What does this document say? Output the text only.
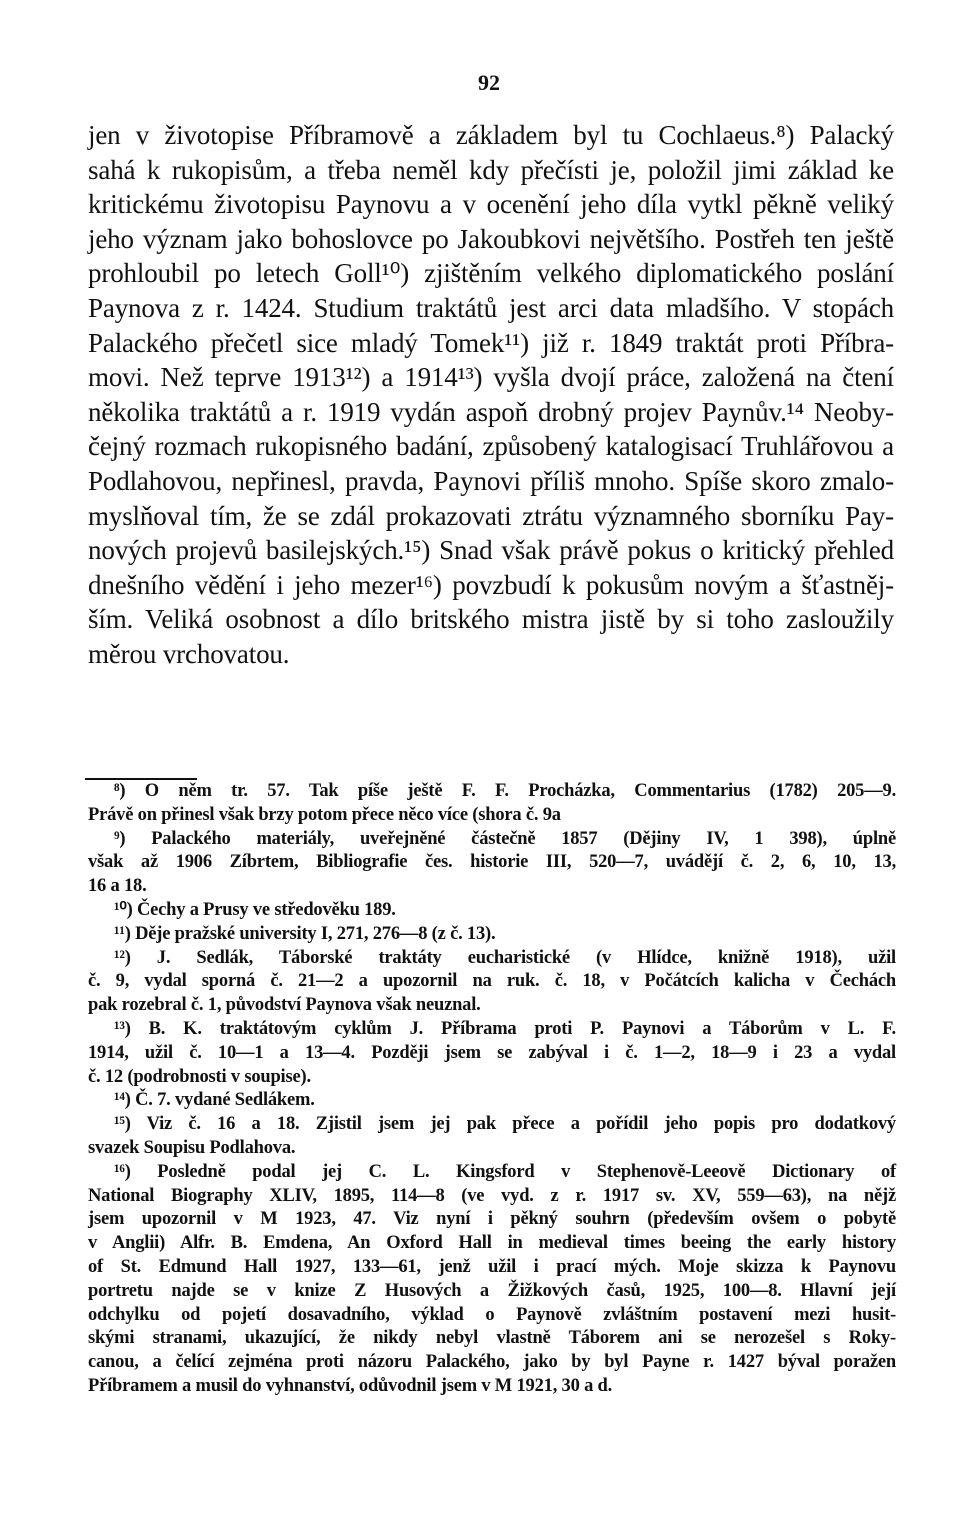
92
jen v životopise Příbramově a základem byl tu Cochlaeus.⁸) Palacký
sahá k rukopisům, a třeba neměl kdy přečísti je, položil jimi základ ke
kritickému životopisu Paynovu a v ocenění jeho díla vytkl pěkně veliký
jeho význam jako bohoslovce po Jakoubkovi největšího. Postřeh ten ještě
prohloubil po letech Goll¹⁰) zjištěním velkého diplomatického poslání
Paynova z r. 1424. Studium traktátů jest arci data mladšího. V stopách
Palackého přečetl sice mladý Tomek¹¹) již r. 1849 traktát proti Příbra-
movi. Než teprve 1913¹²) a 1914¹³) vyšla dvojí práce, založená na čtení
několika traktátů a r. 1919 vydán aspoň drobný projev Paynův.¹⁴ Neoby-
čejný rozmach rukopisného badání, způsobený katalogisací Truhlářovou a
Podlahovou, nepřinesl, pravda, Paynovi příliš mnoho. Spíše skoro zmalo-
myslňoval tím, že se zdál prokazovati ztrátu významného sborníku Pay-
nových projevů basilejských.¹⁵) Snad však právě pokus o kritický přehled
dnešního vědění i jeho mezer¹⁶) povzbudí k pokusům novým a šťastněj-
ším. Veliká osobnost a dílo britského mistra jistě by si toho zasloužily
měrou vrchovatou.
⁸) O něm tr. 57. Tak píše ještě F. F. Procházka, Commentarius (1782) 205—9.
Právě on přinesl však brzy potom přece něco více (shora č. 9a
⁹) Palackého materiály, uveřejněné částečně 1857 (Dějiny IV, 1 398), úplně
však až 1906 Zíbrtem, Bibliografie čes. historie III, 520—7, uvádějí č. 2, 6, 10, 13,
16 a 18.
¹⁰) Čechy a Prusy ve středověku 189.
¹¹) Děje pražské university I, 271, 276—8 (z č. 13).
¹²) J. Sedlák, Táborské traktáty eucharistické (v Hlídce, knižně 1918), užil
č. 9, vydal sporná č. 21—2 a upozornil na ruk. č. 18, v Počátcích kalicha v Čechách
pak rozebral č. 1, původství Paynova však neuznal.
¹³) B. K. traktátovým cyklům J. Příbrama proti P. Paynovi a Táborům v L. F.
1914, užil č. 10—1 a 13—4. Později jsem se zabýval i č. 1—2, 18—9 i 23 a vydal
č. 12 (podrobnosti v soupise).
¹⁴) Č. 7. vydané Sedlákem.
¹⁵) Viz č. 16 a 18. Zjistil jsem jej pak přece a pořídil jeho popis pro dodatkový
svazek Soupisu Podlahova.
¹⁶) Posledně podal jej C. L. Kingsford v Stephenově-Leeově Dictionary of
National Biography XLIV, 1895, 114—8 (ve vyd. z r. 1917 sv. XV, 559—63), na nějž
jsem upozornil v M 1923, 47. Viz nyní i pěkný souhrn (především ovšem o pobytě
v Anglii) Alfr. B. Emdena, An Oxford Hall in medieval times beeing the early history
of St. Edmund Hall 1927, 133—61, jenž užil i prací mých. Moje skizza k Paynovu
portretu najde se v knize Z Husových a Žižkových časů, 1925, 100—8. Hlavní její
odchylku od pojetí dosavadního, výklad o Paynově zvláštním postavení mezi husit-
skými stranami, ukazující, že nikdy nebyl vlastně Táborem ani se nerozešel s Roky-
canou, a čelící zejména proti názoru Palackého, jako by byl Payne r. 1427 býval poražen
Příbramem a musil do vyhnanství, odůvodnil jsem v M 1921, 30 a d.
